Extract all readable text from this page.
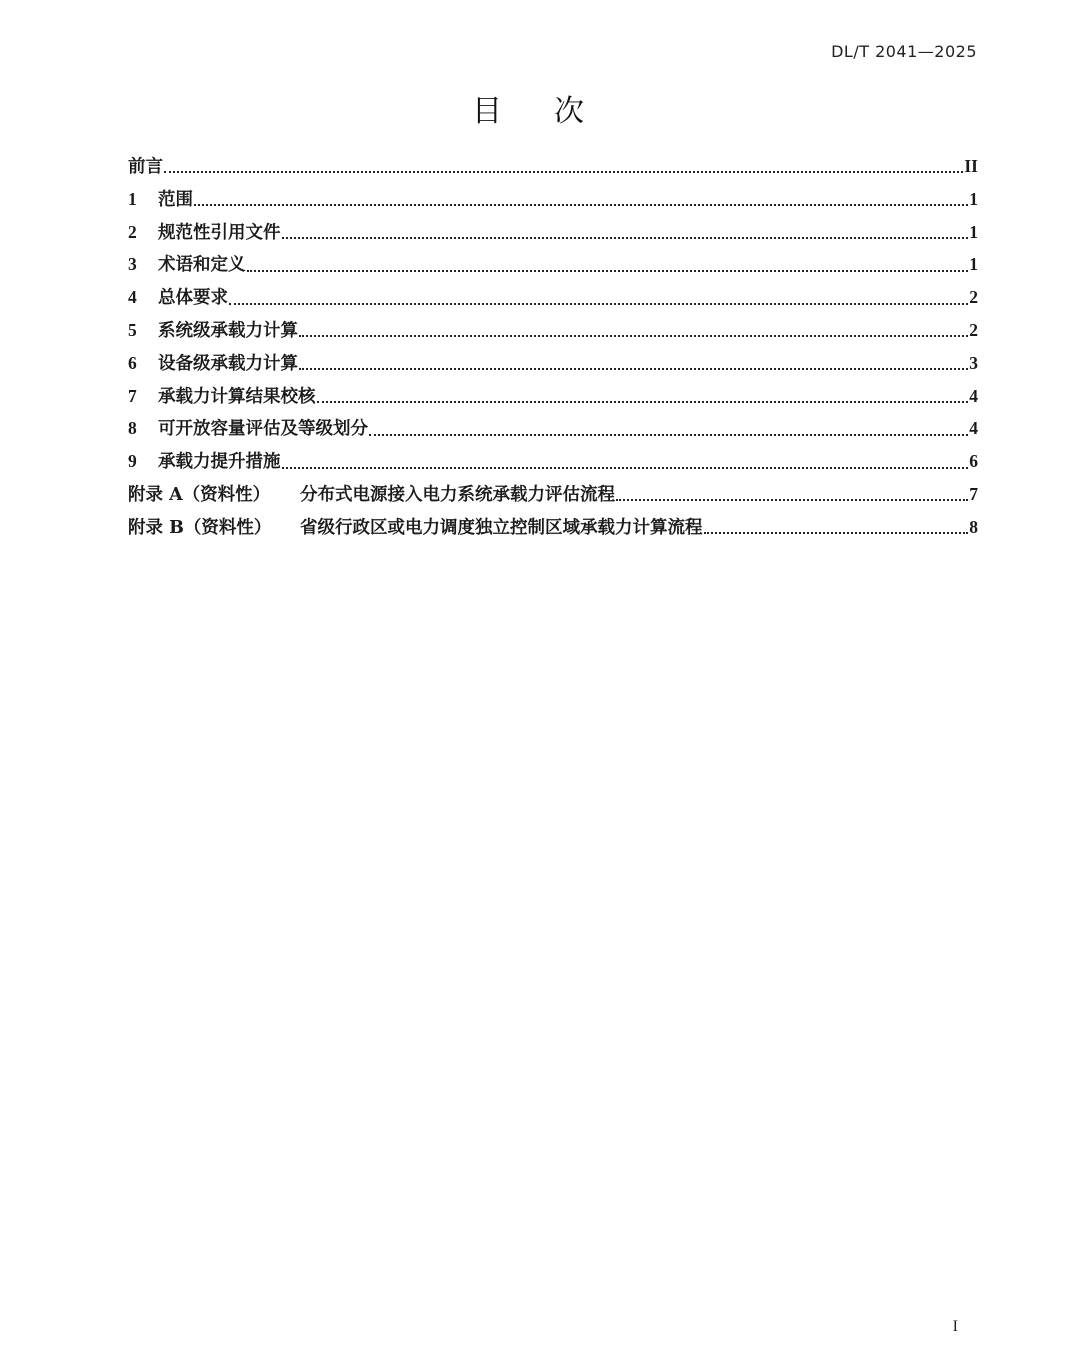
DL/T 2041—2025
目次
前言	II
1	范围	1
2	规范性引用文件	1
3	术语和定义	1
4	总体要求	2
5	系统级承载力计算	2
6	设备级承载力计算	3
7	承载力计算结果校核	4
8	可开放容量评估及等级划分	4
9	承载力提升措施	6
附录 A（资料性）	分布式电源接入电力系统承载力评估流程	7
附录 B（资料性）	省级行政区或电力调度独立控制区域承载力计算流程	8
I
